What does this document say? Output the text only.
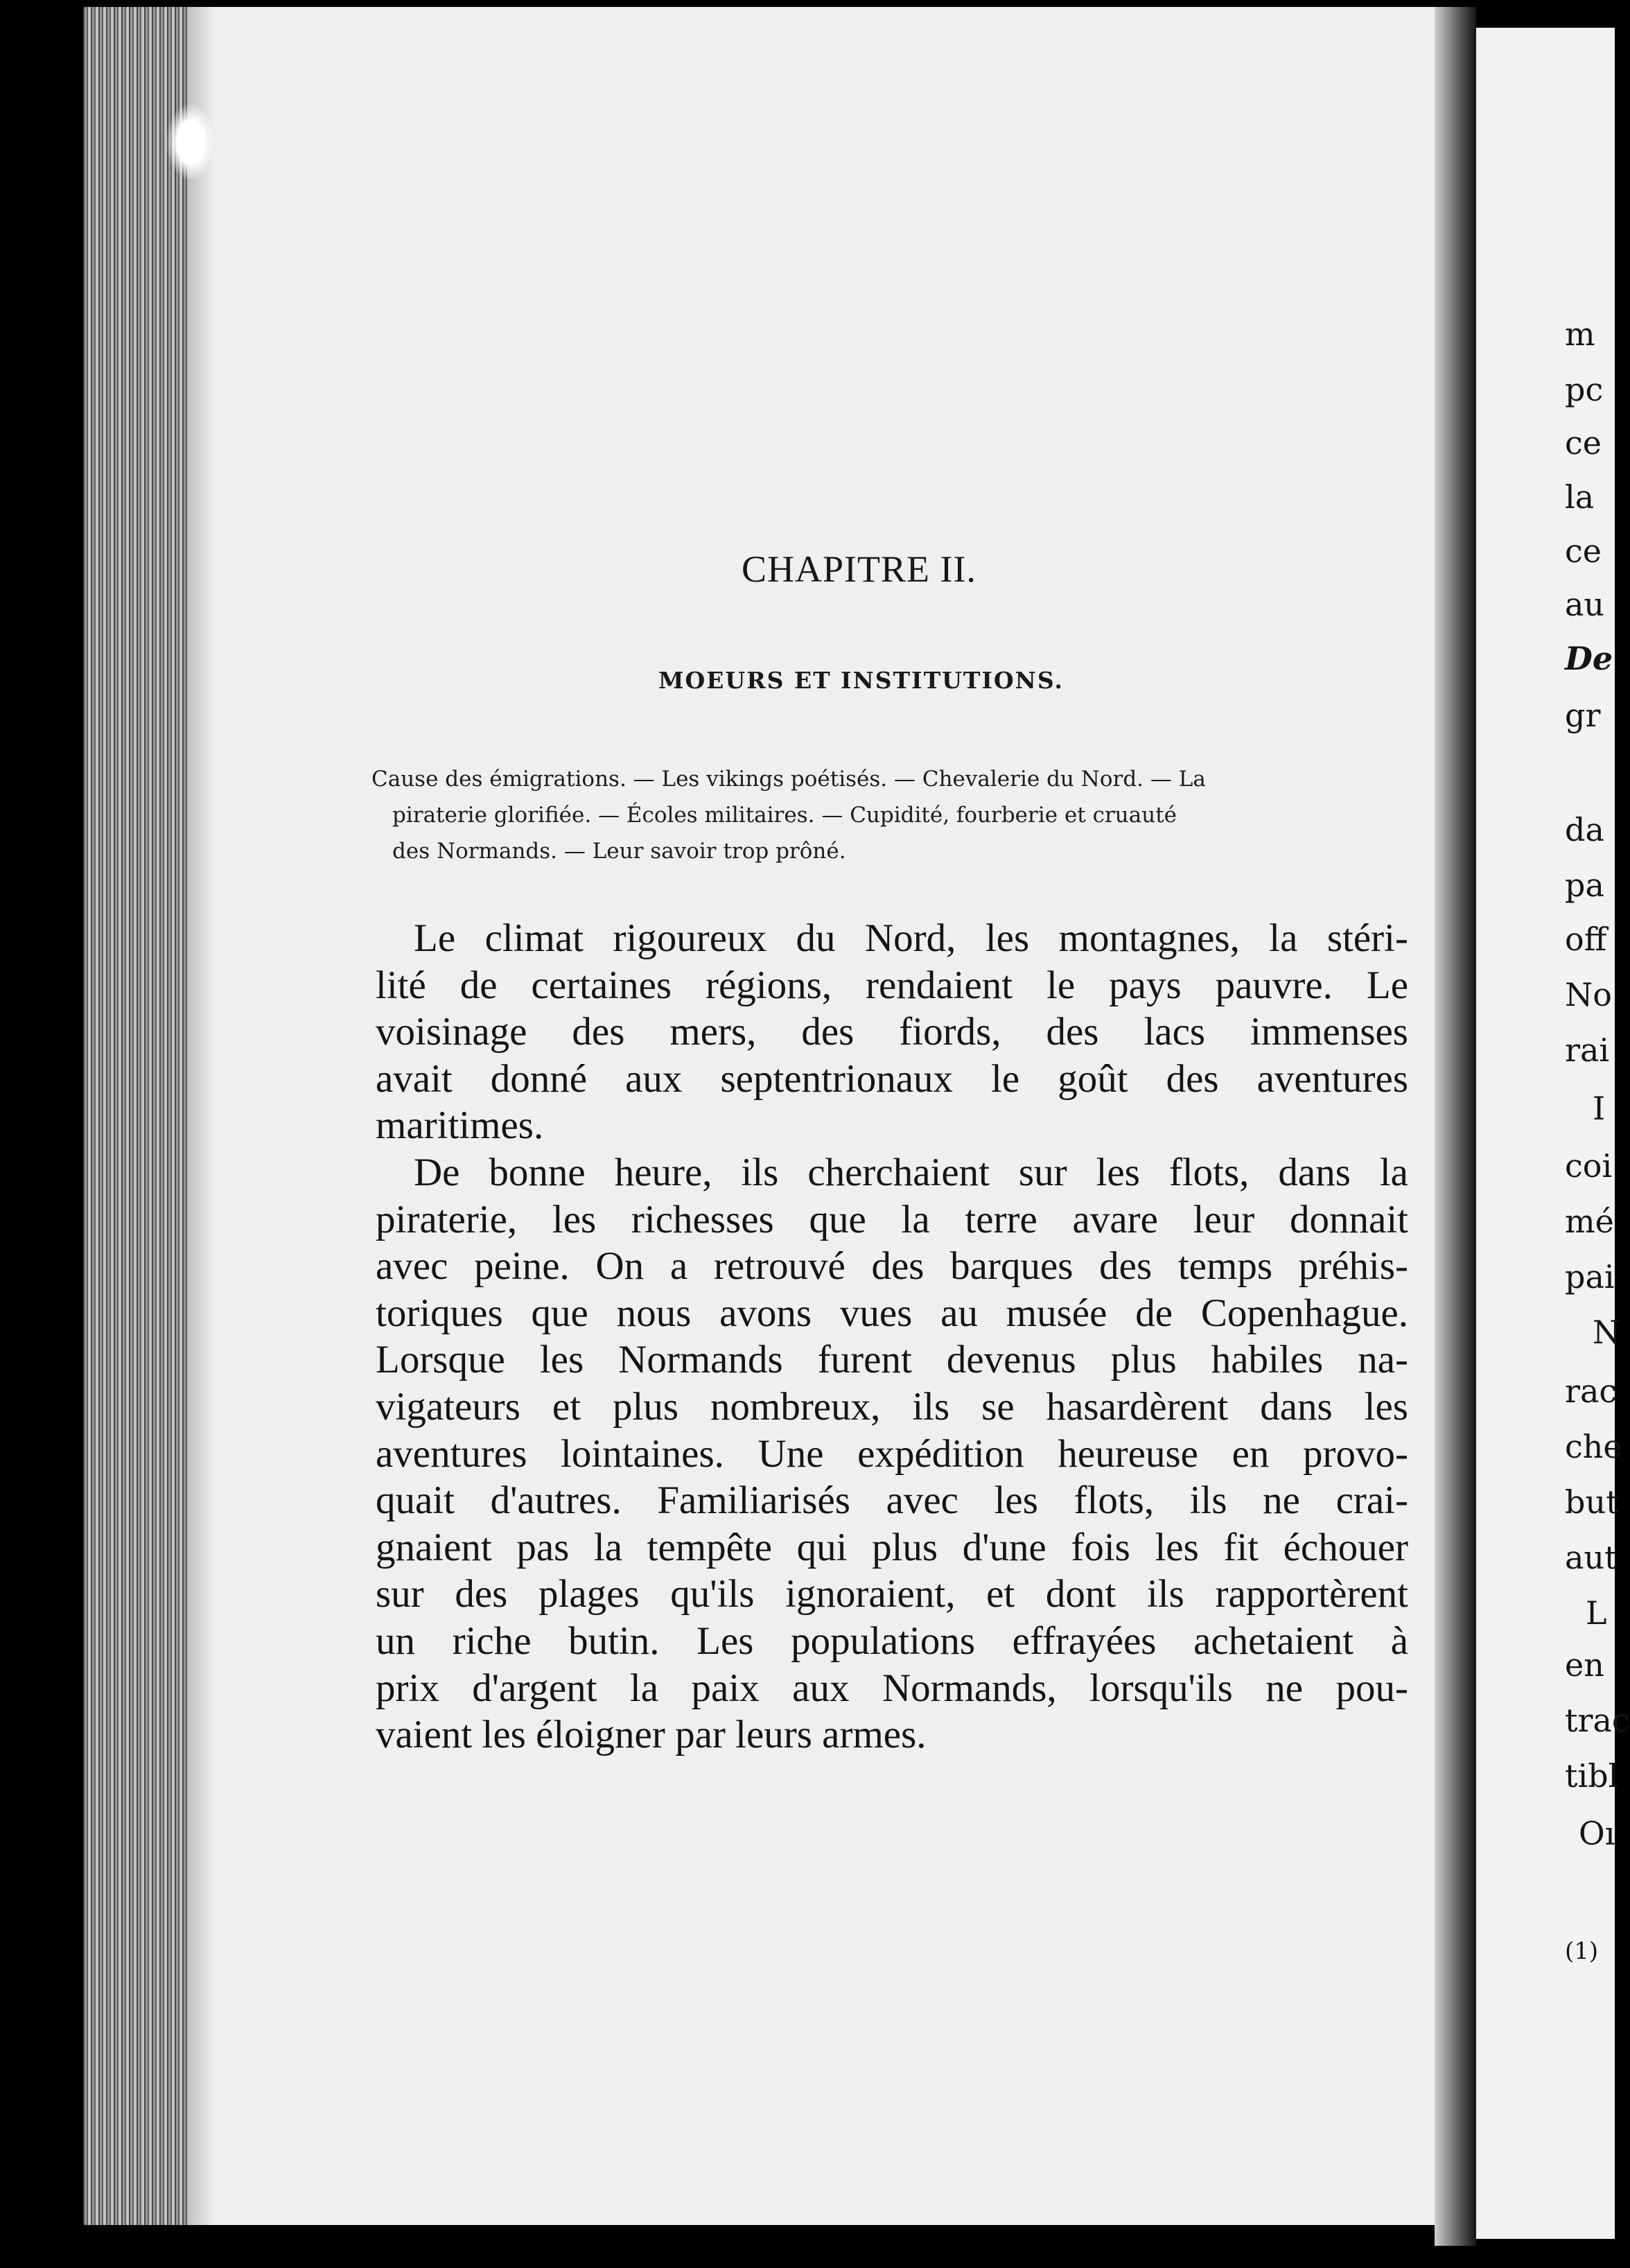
CHAPITRE II.
MOEURS ET INSTITUTIONS.
Cause des émigrations. — Les vikings poétisés. — Chevalerie du Nord. — La
piraterie glorifiée. — Écoles militaires. — Cupidité, fourberie et cruauté
des Normands. — Leur savoir trop prôné.
Le climat rigoureux du Nord, les montagnes, la stéri-
lité de certaines régions, rendaient le pays pauvre. Le
voisinage des mers, des fiords, des lacs immenses
avait donné aux septentrionaux le goût des aventures
maritimes.
De bonne heure, ils cherchaient sur les flots, dans la
piraterie, les richesses que la terre avare leur donnait
avec peine. On a retrouvé des barques des temps préhis-
toriques que nous avons vues au musée de Copenhague.
Lorsque les Normands furent devenus plus habiles na-
vigateurs et plus nombreux, ils se hasardèrent dans les
aventures lointaines. Une expédition heureuse en provo-
quait d'autres. Familiarisés avec les flots, ils ne crai-
gnaient pas la tempête qui plus d'une fois les fit échouer
sur des plages qu'ils ignoraient, et dont ils rapportèrent
un riche butin. Les populations effrayées achetaient à
prix d'argent la paix aux Normands, lorsqu'ils ne pou-
vaient les éloigner par leurs armes.
m
pc
ce
la
ce
au
De
gr
da
pa
off
No
rai
I
coi
mé
pai
N
rac
che
but
aut
L
en
trac
tibl
Oı
(1)
